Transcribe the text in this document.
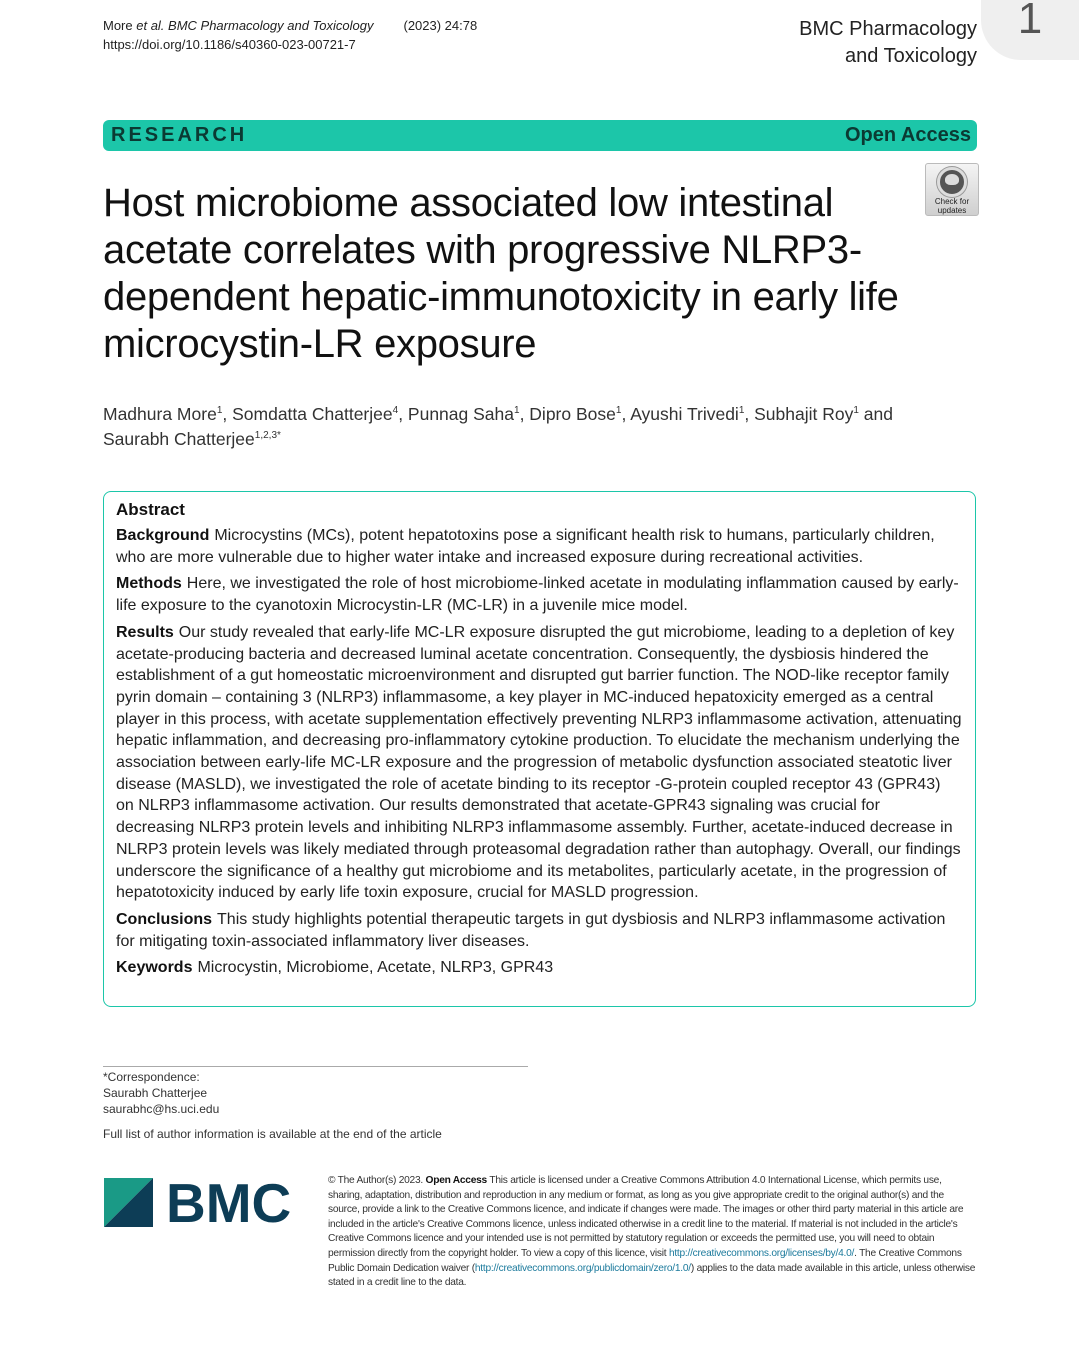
More et al. BMC Pharmacology and Toxicology (2023) 24:78
https://doi.org/10.1186/s40360-023-00721-7
BMC Pharmacology
and Toxicology
1
RESEARCH	Open Access
Check for
updates
Host microbiome associated low intestinal acetate correlates with progressive NLRP3-dependent hepatic-immunotoxicity in early life microcystin-LR exposure
Madhura More$^1$, Somdatta Chatterjee$^4$, Punnag Saha$^1$, Dipro Bose$^1$, Ayushi Trivedi$^1$, Subhajit Roy$^1$ and
Saurabh Chatterjee$^{1,2,3*}$
Abstract

Background Microcystins (MCs), potent hepatotoxins pose a significant health risk to humans, particularly children, who are more vulnerable due to higher water intake and increased exposure during recreational activities.

Methods Here, we investigated the role of host microbiome-linked acetate in modulating inflammation caused by early-life exposure to the cyanotoxin Microcystin-LR (MC-LR) in a juvenile mice model.

Results Our study revealed that early-life MC-LR exposure disrupted the gut microbiome, leading to a depletion of key acetate-producing bacteria and decreased luminal acetate concentration. Consequently, the dysbiosis hindered the establishment of a gut homeostatic microenvironment and disrupted gut barrier function. The NOD-like receptor family pyrin domain – containing 3 (NLRP3) inflammasome, a key player in MC-induced hepatoxicity emerged as a central player in this process, with acetate supplementation effectively preventing NLRP3 inflammasome activation, attenuating hepatic inflammation, and decreasing pro-inflammatory cytokine production. To elucidate the mechanism underlying the association between early-life MC-LR exposure and the progression of metabolic dysfunction associated steatotic liver disease (MASLD), we investigated the role of acetate binding to its receptor -G-protein coupled receptor 43 (GPR43) on NLRP3 inflammasome activation. Our results demonstrated that acetate-GPR43 signaling was crucial for decreasing NLRP3 protein levels and inhibiting NLRP3 inflammasome assembly. Further, acetate-induced decrease in NLRP3 protein levels was likely mediated through proteasomal degradation rather than autophagy. Overall, our findings underscore the significance of a healthy gut microbiome and its metabolites, particularly acetate, in the progression of hepatotoxicity induced by early life toxin exposure, crucial for MASLD progression.

Conclusions This study highlights potential therapeutic targets in gut dysbiosis and NLRP3 inflammasome activation for mitigating toxin-associated inflammatory liver diseases.

Keywords Microcystin, Microbiome, Acetate, NLRP3, GPR43

*Correspondence:
Saurabh Chatterjee
saurabhc@hs.uci.edu
Full list of author information is available at the end of the article
BMC	© The Author(s) 2023. Open Access This article is licensed under a Creative Commons Attribution 4.0 International License, which permits use, sharing, adaptation, distribution and reproduction in any medium or format, as long as you give appropriate credit to the original author(s) and the source, provide a link to the Creative Commons licence, and indicate if changes were made. The images or other third party material in this article are included in the article's Creative Commons licence, unless indicated otherwise in a credit line to the material. If material is not included in the article's Creative Commons licence and your intended use is not permitted by statutory regulation or exceeds the permitted use, you will need to obtain permission directly from the copyright holder. To view a copy of this licence, visit http://creativecommons.org/licenses/by/4.0/. The Creative Commons Public Domain Dedication waiver (http://creativecommons.org/publicdomain/zero/1.0/) applies to the data made available in this article, unless otherwise stated in a credit line to the data.
